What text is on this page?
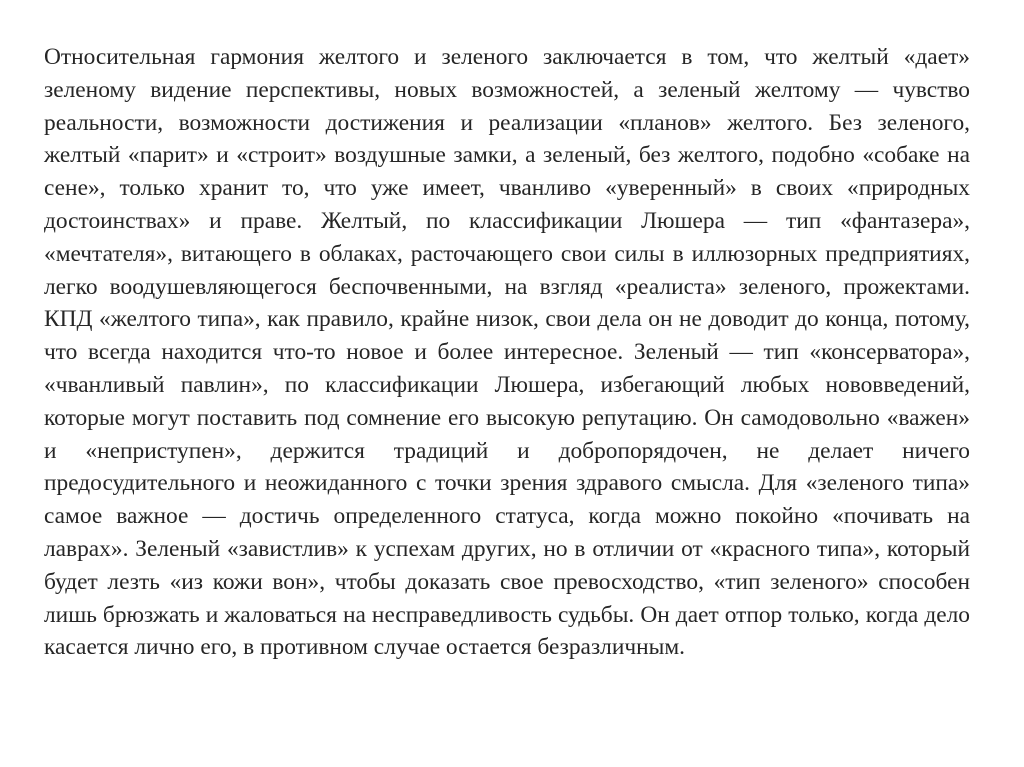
Относительная гармония желтого и зеленого заключается в том, что желтый «дает» зеленому видение перспективы, новых возможностей, а зеленый желтому — чувство реальности, возможности достижения и реализации «планов» желтого. Без зеленого, желтый «парит» и «строит» воздушные замки, а зеленый, без желтого, подобно «собаке на сене», только хранит то, что уже имеет, чванливо «уверенный» в своих «природных достоинствах» и праве. Желтый, по классификации Люшера — тип «фантазера», «мечтателя», витающего в облаках, расточающего свои силы в иллюзорных предприятиях, легко воодушевляющегося беспочвенными, на взгляд «реалиста» зеленого, прожектами. КПД «желтого типа», как правило, крайне низок, свои дела он не доводит до конца, потому, что всегда находится что-то новое и более интересное. Зеленый — тип «консерватора», «чванливый павлин», по классификации Люшера, избегающий любых нововведений, которые могут поставить под сомнение его высокую репутацию. Он самодовольно «важен» и «неприступен», держится традиций и добропорядочен, не делает ничего предосудительного и неожиданного с точки зрения здравого смысла. Для «зеленого типа» самое важное — достичь определенного статуса, когда можно покойно «почивать на лаврах». Зеленый «завистлив» к успехам других, но в отличии от «красного типа», который будет лезть «из кожи вон», чтобы доказать свое превосходство, «тип зеленого» способен лишь брюзжать и жаловаться на несправедливость судьбы. Он дает отпор только, когда дело касается лично его, в противном случае остается безразличным.
